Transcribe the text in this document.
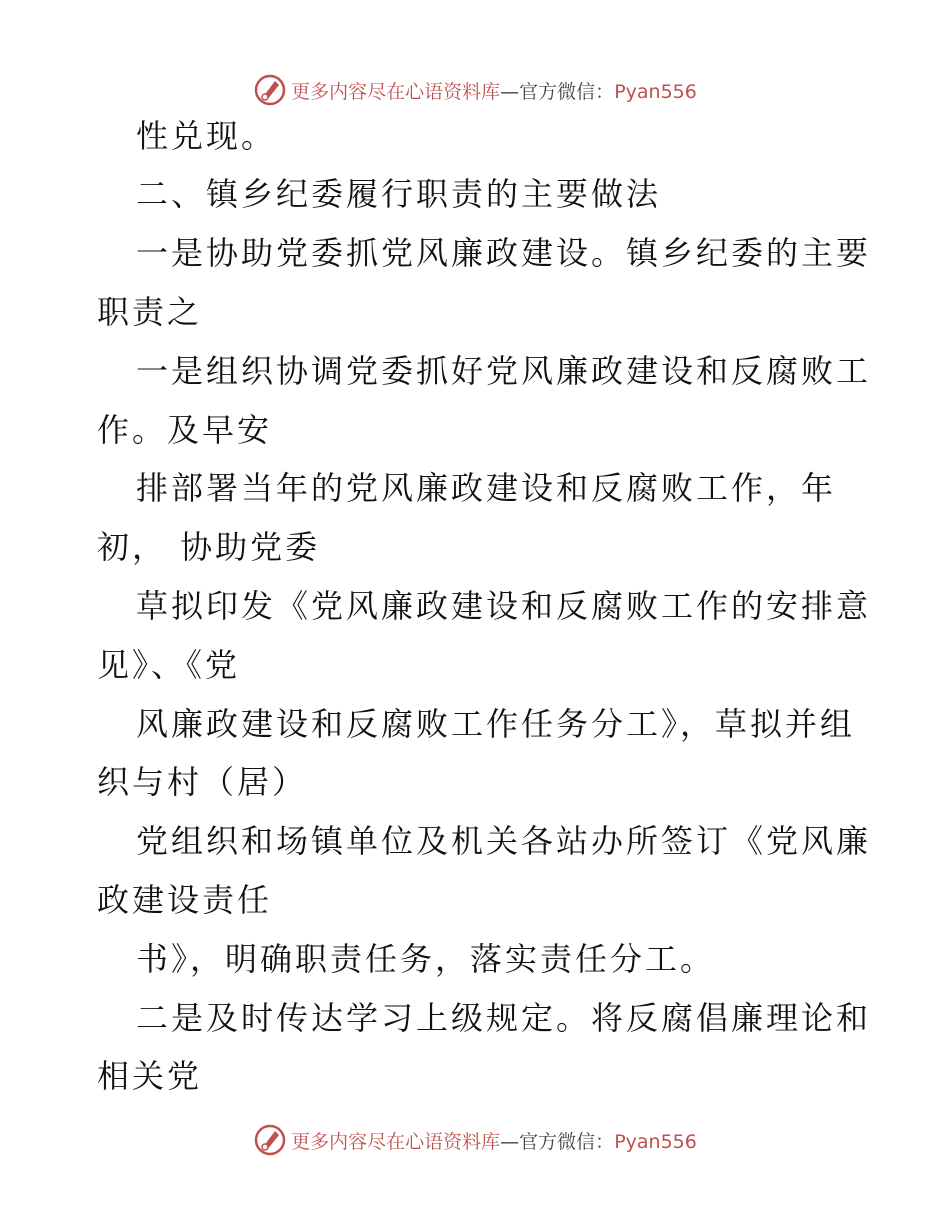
更多内容尽在心语资料库—官方微信：Pyan556
性兑现。
二、镇乡纪委履行职责的主要做法
一是协助党委抓党风廉政建设。镇乡纪委的主要
职责之
一是组织协调党委抓好党风廉政建设和反腐败工
作。及早安
排部署当年的党风廉政建设和反腐败工作，年
初， 协助党委
草拟印发《党风廉政建设和反腐败工作的安排意
见》、《党
风廉政建设和反腐败工作任务分工》，草拟并组
织与村（居）
党组织和场镇单位及机关各站办所签订《党风廉
政建设责任
书》，明确职责任务，落实责任分工。
二是及时传达学习上级规定。将反腐倡廉理论和
相关党
更多内容尽在心语资料库—官方微信：Pyan556
